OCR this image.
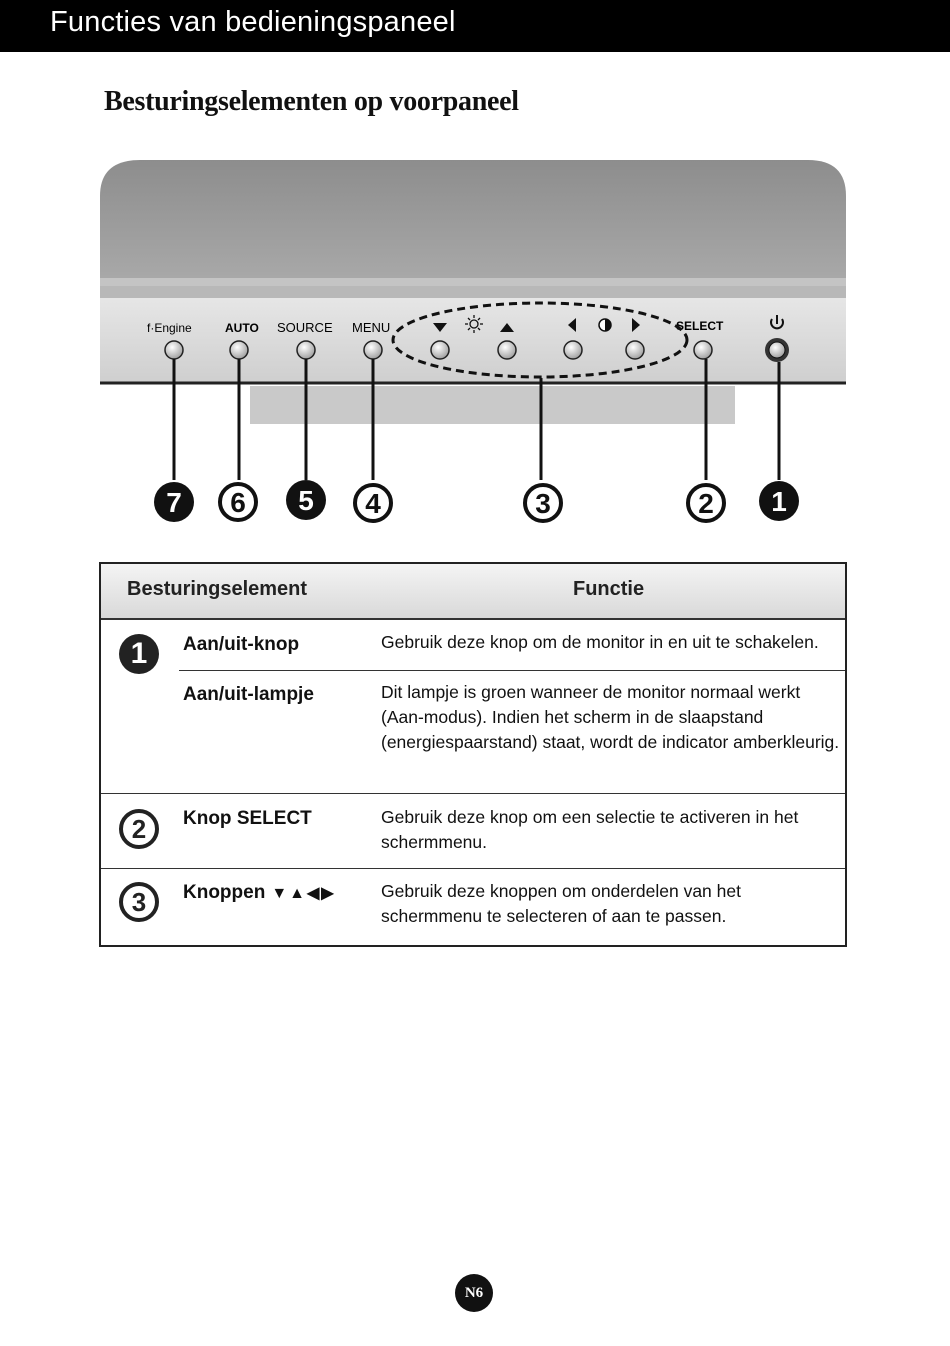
Functies van bedieningspaneel
Besturingselementen op voorpaneel
f·Engine	AUTO SOURCE MENU	SELECT
7 6 5 4	3	2 1
Besturingselement	Functie
1	Aan/uit-knop	Gebruik deze knop om de monitor in en uit te schakelen.
Aan/uit-lampje	Dit lampje is groen wanneer de monitor normaal werkt (Aan-modus). Indien het scherm in de slaapstand (energiespaarstand) staat, wordt de indicator amberkleurig.
2	Knop SELECT	Gebruik deze knop om een selectie te activeren in het schermmenu.
3	Knoppen ▼▲◀▶	Gebruik deze knoppen om onderdelen van het schermmenu te selecteren of aan te passen.
N6
